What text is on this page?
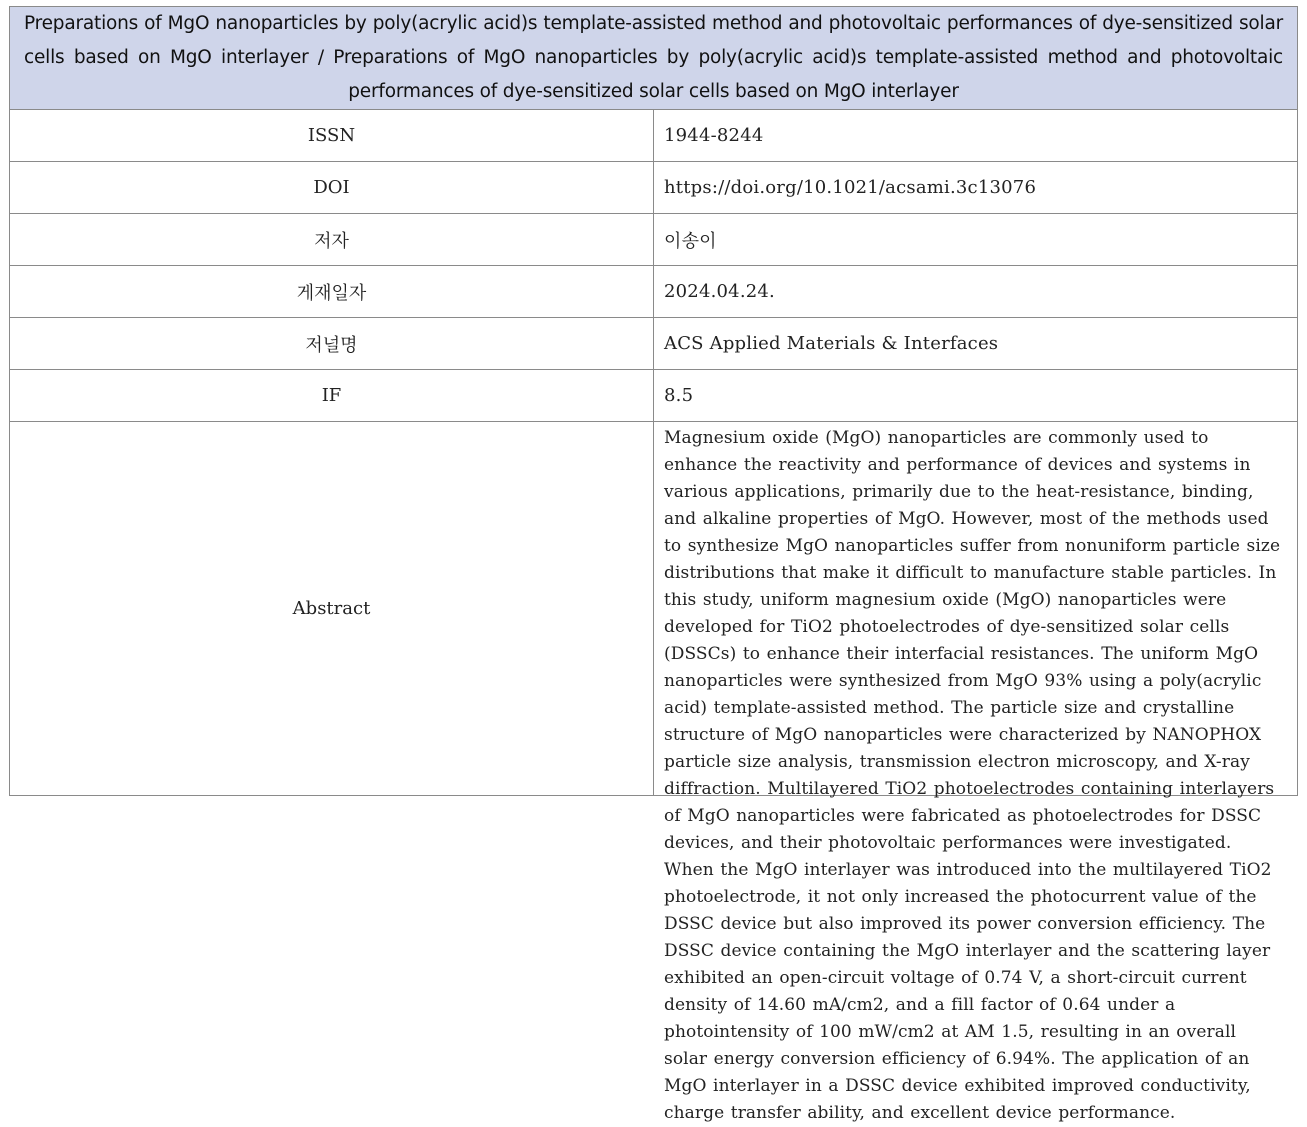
Preparations of MgO nanoparticles by poly(acrylic acid)s template-assisted method and photovoltaic performances of dye-sensitized solar cells based on MgO interlayer / Preparations of MgO nanoparticles by poly(acrylic acid)s template-assisted method and photovoltaic performances of dye-sensitized solar cells based on MgO interlayer	

ISSN	1944-8244
DOI	https://doi.org/10.1021/acsami.3c13076
저자	이송이
게재일자	2024.04.24.
저널명	ACS Applied Materials & Interfaces
IF	8.5
Abstract	Magnesium oxide (MgO) nanoparticles are commonly used to enhance the reactivity and performance of devices and systems in various applications, primarily due to the heat-resistance, binding, and alkaline properties of MgO. However, most of the methods used to synthesize MgO nanoparticles suffer from nonuniform particle size distributions that make it difficult to manufacture stable particles. In this study, uniform magnesium oxide (MgO) nanoparticles were developed for TiO2 photoelectrodes of dye-sensitized solar cells (DSSCs) to enhance their interfacial resistances. The uniform MgO nanoparticles were synthesized from MgO 93% using a poly(acrylic acid) template-assisted method. The particle size and crystalline structure of MgO nanoparticles were characterized by NANOPHOX particle size analysis, transmission electron microscopy, and X-ray diffraction. Multilayered TiO2 photoelectrodes containing interlayers of MgO nanoparticles were fabricated as photoelectrodes for DSSC devices, and their photovoltaic performances were investigated. When the MgO interlayer was introduced into the multilayered TiO2 photoelectrode, it not only increased the photocurrent value of the DSSC device but also improved its power conversion efficiency. The DSSC device containing the MgO interlayer and the scattering layer exhibited an open-circuit voltage of 0.74 V, a short-circuit current density of 14.60 mA/cm2, and a fill factor of 0.64 under a photointensity of 100 mW/cm2 at AM 1.5, resulting in an overall solar energy conversion efficiency of 6.94%. The application of an MgO interlayer in a DSSC device exhibited improved conductivity, charge transfer ability, and excellent device performance.
